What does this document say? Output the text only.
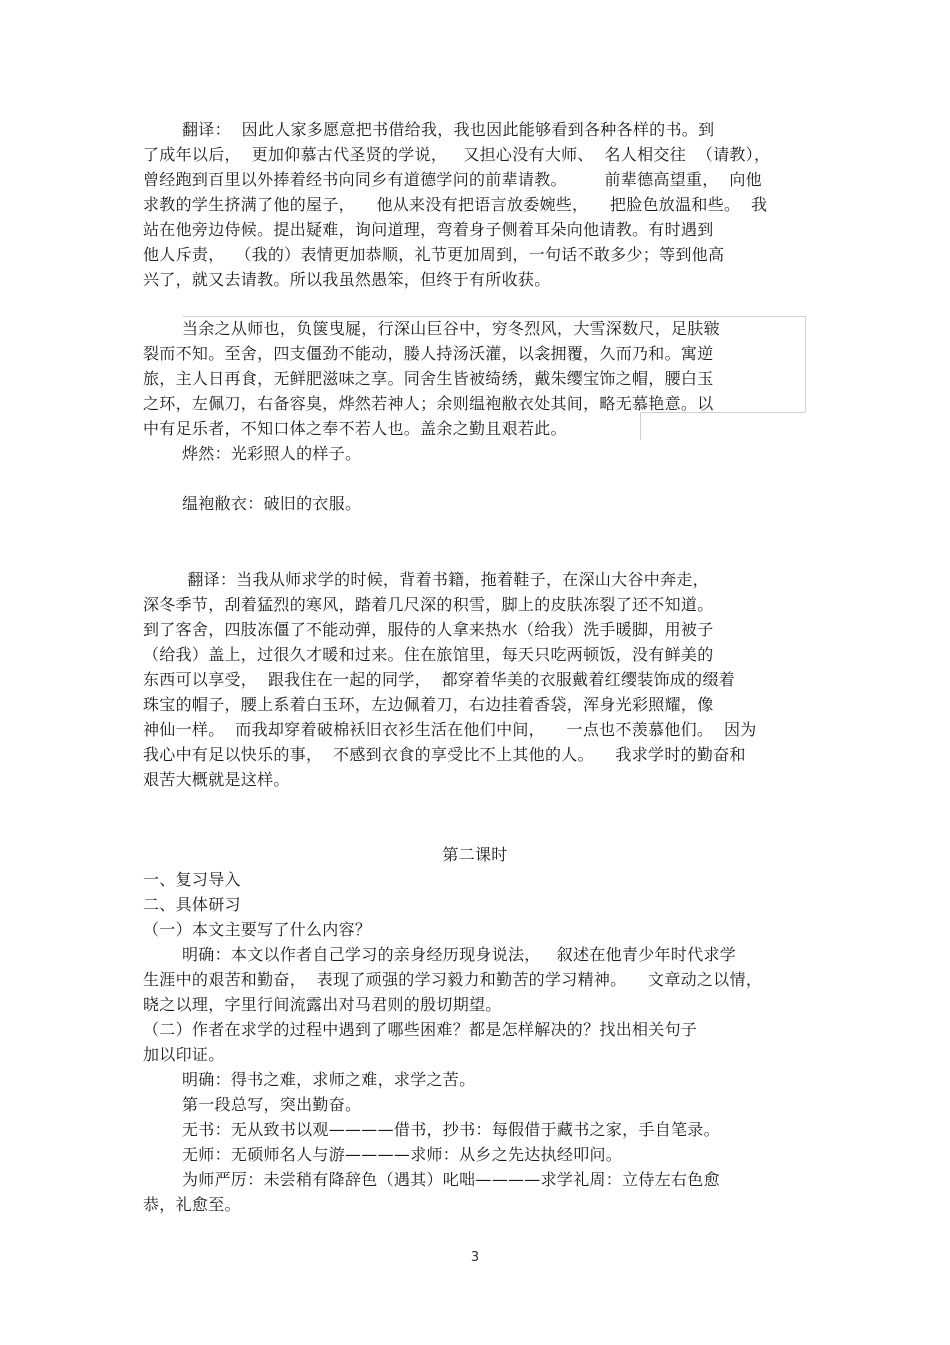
翻译：  因此人家多愿意把书借给我，我也因此能够看到各种各样的书。到
了成年以后，  更加仰慕古代圣贤的学说，   又担心没有大师、  名人相交往  （请教），
曾经跑到百里以外捧着经书向同乡有道德学问的前辈请教。       前辈德高望重，  向他
求教的学生挤满了他的屋子，    他从来没有把语言放委婉些，    把脸色放温和些。  我
站在他旁边侍候。提出疑难，询问道理，弯着身子侧着耳朵向他请教。有时遇到
他人斥责，  （我的）表情更加恭顺，礼节更加周到，一句话不敢多少；等到他高
兴了，就又去请教。所以我虽然愚笨，但终于有所收获。
当余之从师也，负箧曳屣，行深山巨谷中，穷冬烈风，大雪深数尺，足肤皲
裂而不知。至舍，四支僵劲不能动，媵人持汤沃灌，以衾拥覆，久而乃和。寓逆
旅，主人日再食，无鲜肥滋味之享。同舍生皆被绮绣，戴朱缨宝饰之帽，腰白玉
之环，左佩刀，右备容臭，烨然若神人；余则缊袍敝衣处其间，略无慕艳意。以
中有足乐者，不知口体之奉不若人也。盖余之勤且艰若此。
烨然：光彩照人的样子。
缊袍敝衣：破旧的衣服。
翻译：当我从师求学的时候，背着书籍，拖着鞋子，在深山大谷中奔走，
深冬季节，刮着猛烈的寒风，踏着几尺深的积雪，脚上的皮肤冻裂了还不知道。
到了客舍，四肢冻僵了不能动弹，服侍的人拿来热水（给我）洗手暖脚，用被子
（给我）盖上，过很久才暖和过来。住在旅馆里，每天只吃两顿饭，没有鲜美的
东西可以享受，  跟我住在一起的同学，  都穿着华美的衣服戴着红缨装饰成的缀着
珠宝的帽子，腰上系着白玉环，左边佩着刀，右边挂着香袋，浑身光彩照耀，像
神仙一样。  而我却穿着破棉袄旧衣衫生活在他们中间，    一点也不羡慕他们。  因为
我心中有足以快乐的事，  不感到衣食的享受比不上其他的人。    我求学时的勤奋和
艰苦大概就是这样。
第二课时
一、复习导入
二、具体研习
（一）本文主要写了什么内容？
明确：本文以作者自己学习的亲身经历现身说法，   叙述在他青少年时代求学
生涯中的艰苦和勤奋，  表现了顽强的学习毅力和勤苦的学习精神。    文章动之以情，
晓之以理，字里行间流露出对马君则的殷切期望。
（二）作者在求学的过程中遇到了哪些困难？都是怎样解决的？找出相关句子
加以印证。
明确：得书之难，求师之难，求学之苦。
第一段总写，突出勤奋。
无书：无从致书以观————借书，抄书：每假借于藏书之家，手自笔录。
无师：无硕师名人与游————求师：从乡之先达执经叩问。
为师严厉：未尝稍有降辞色（遇其）叱咄————求学礼周：立侍左右色愈
恭，礼愈至。
3
